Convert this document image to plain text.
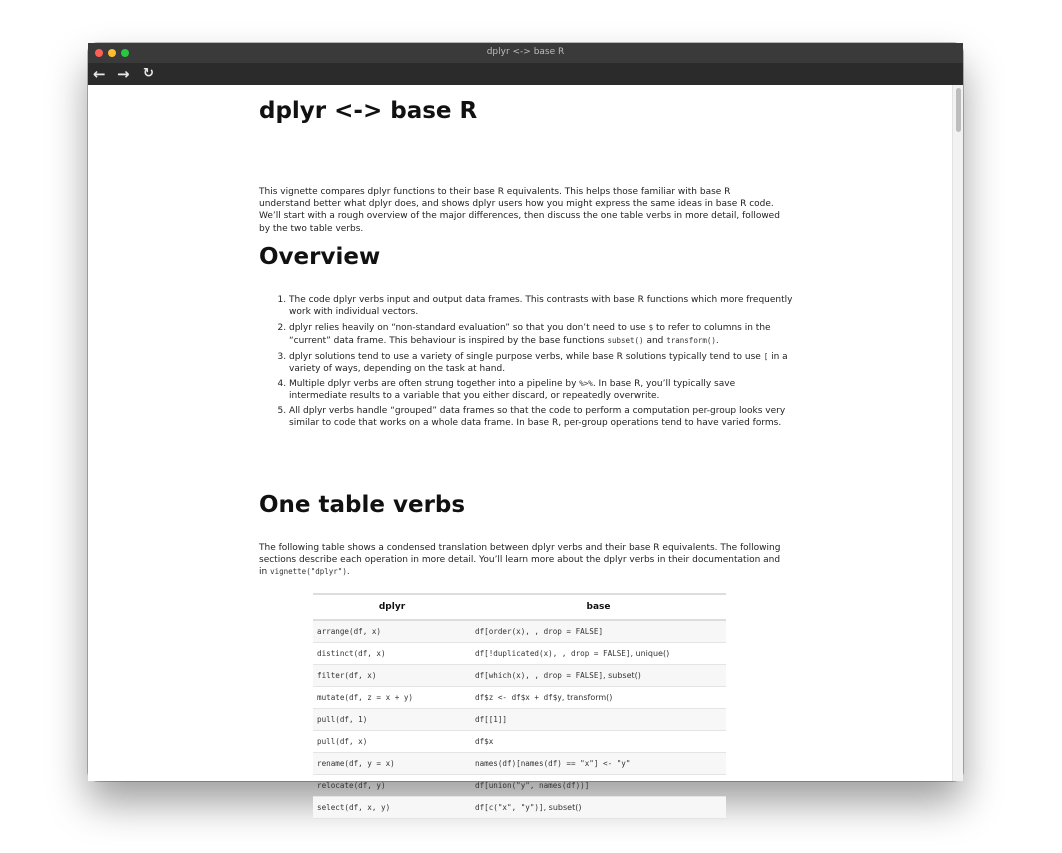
dplyr <-> base R
← → ↻
dplyr <-> base R

This vignette compares dplyr functions to their base R equivalents. This helps those familiar with base R understand better what dplyr does, and shows dplyr users how you might express the same ideas in base R code. We’ll start with a rough overview of the major differences, then discuss the one table verbs in more detail, followed by the two table verbs.

Overview
1. The code dplyr verbs input and output data frames. This contrasts with base R functions which more frequently work with individual vectors.
2. dplyr relies heavily on “non-standard evaluation” so that you don’t need to use $ to refer to columns in the “current” data frame. This behaviour is inspired by the base functions subset() and transform().
3. dplyr solutions tend to use a variety of single purpose verbs, while base R solutions typically tend to use [ in a variety of ways, depending on the task at hand.
4. Multiple dplyr verbs are often strung together into a pipeline by %>%. In base R, you’ll typically save intermediate results to a variable that you either discard, or repeatedly overwrite.
5. All dplyr verbs handle “grouped” data frames so that the code to perform a computation per-group looks very similar to code that works on a whole data frame. In base R, per-group operations tend to have varied forms.
One table verbs

The following table shows a condensed translation between dplyr verbs and their base R equivalents. The following sections describe each operation in more detail. You’ll learn more about the dplyr verbs in their documentation and in vignette("dplyr").

dplyr	base
arrange(df, x)	df[order(x), , drop = FALSE]
distinct(df, x)	df[!duplicated(x), , drop = FALSE], unique()
filter(df, x)	df[which(x), , drop = FALSE], subset()
mutate(df, z = x + y)	df$z <- df$x + df$y, transform()
pull(df, 1)	df[[1]]
pull(df, x)	df$x
rename(df, y = x)	names(df)[names(df) == "x"] <- "y"
relocate(df, y)	df[union("y", names(df))]
select(df, x, y)	df[c("x", "y")], subset()
